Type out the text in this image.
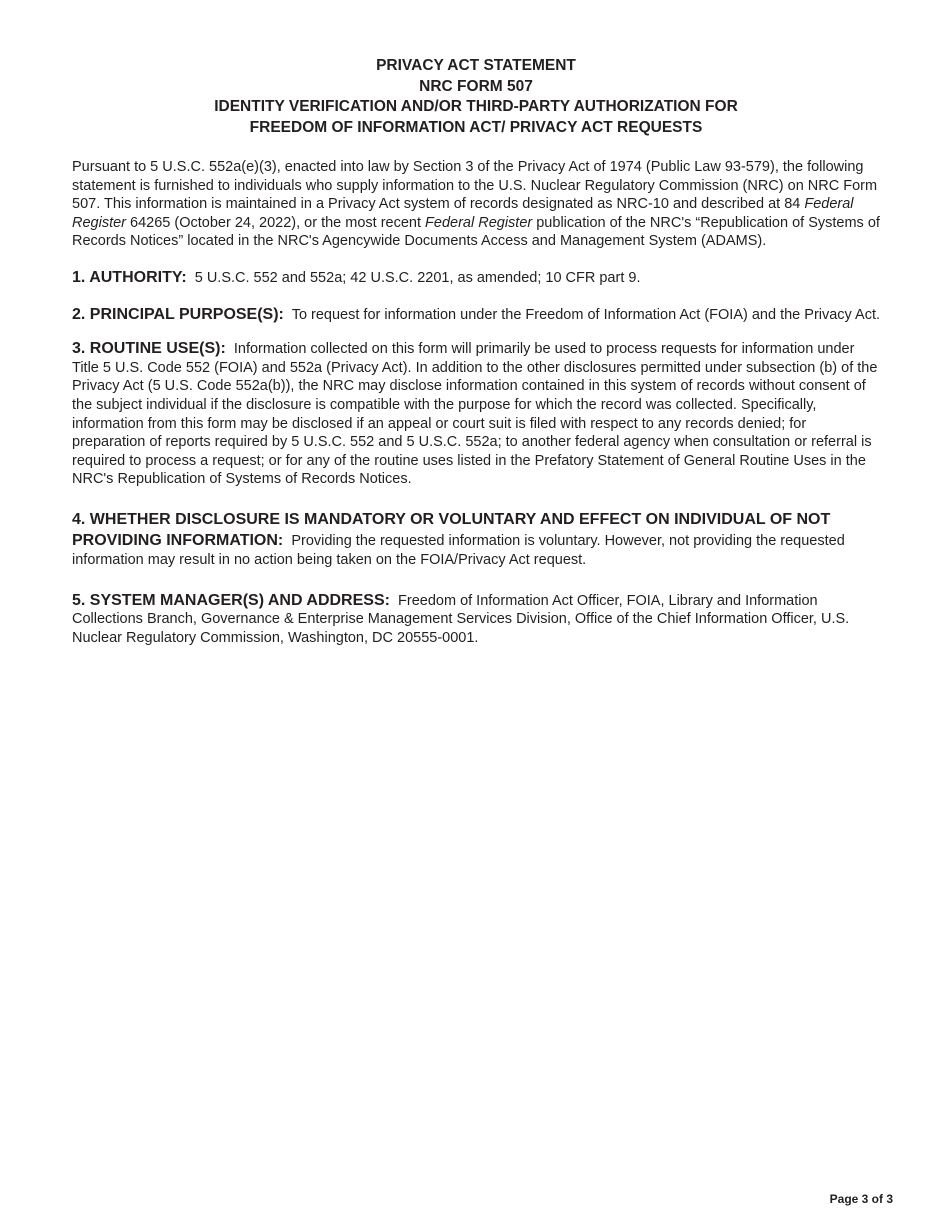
PRIVACY ACT STATEMENT
NRC FORM 507
IDENTITY VERIFICATION AND/OR THIRD-PARTY AUTHORIZATION FOR
FREEDOM OF INFORMATION ACT/ PRIVACY ACT REQUESTS
Pursuant to 5 U.S.C. 552a(e)(3), enacted into law by Section 3 of the Privacy Act of 1974 (Public Law 93-579), the following statement is furnished to individuals who supply information to the U.S. Nuclear Regulatory Commission (NRC) on NRC Form 507. This information is maintained in a Privacy Act system of records designated as NRC-10 and described at 84 Federal Register 64265 (October 24, 2022), or the most recent Federal Register publication of the NRC's “Republication of Systems of Records Notices” located in the NRC's Agencywide Documents Access and Management System (ADAMS).
1. AUTHORITY: 5 U.S.C. 552 and 552a; 42 U.S.C. 2201, as amended; 10 CFR part 9.
2. PRINCIPAL PURPOSE(S): To request for information under the Freedom of Information Act (FOIA) and the Privacy Act.
3. ROUTINE USE(S): Information collected on this form will primarily be used to process requests for information under Title 5 U.S. Code 552 (FOIA) and 552a (Privacy Act). In addition to the other disclosures permitted under subsection (b) of the Privacy Act (5 U.S. Code 552a(b)), the NRC may disclose information contained in this system of records without consent of the subject individual if the disclosure is compatible with the purpose for which the record was collected. Specifically, information from this form may be disclosed if an appeal or court suit is filed with respect to any records denied; for preparation of reports required by 5 U.S.C. 552 and 5 U.S.C. 552a; to another federal agency when consultation or referral is required to process a request; or for any of the routine uses listed in the Prefatory Statement of General Routine Uses in the NRC's Republication of Systems of Records Notices.
4. WHETHER DISCLOSURE IS MANDATORY OR VOLUNTARY AND EFFECT ON INDIVIDUAL OF NOT PROVIDING INFORMATION: Providing the requested information is voluntary. However, not providing the requested information may result in no action being taken on the FOIA/Privacy Act request.
5. SYSTEM MANAGER(S) AND ADDRESS: Freedom of Information Act Officer, FOIA, Library and Information Collections Branch, Governance & Enterprise Management Services Division, Office of the Chief Information Officer, U.S. Nuclear Regulatory Commission, Washington, DC 20555-0001.
Page 3 of 3
